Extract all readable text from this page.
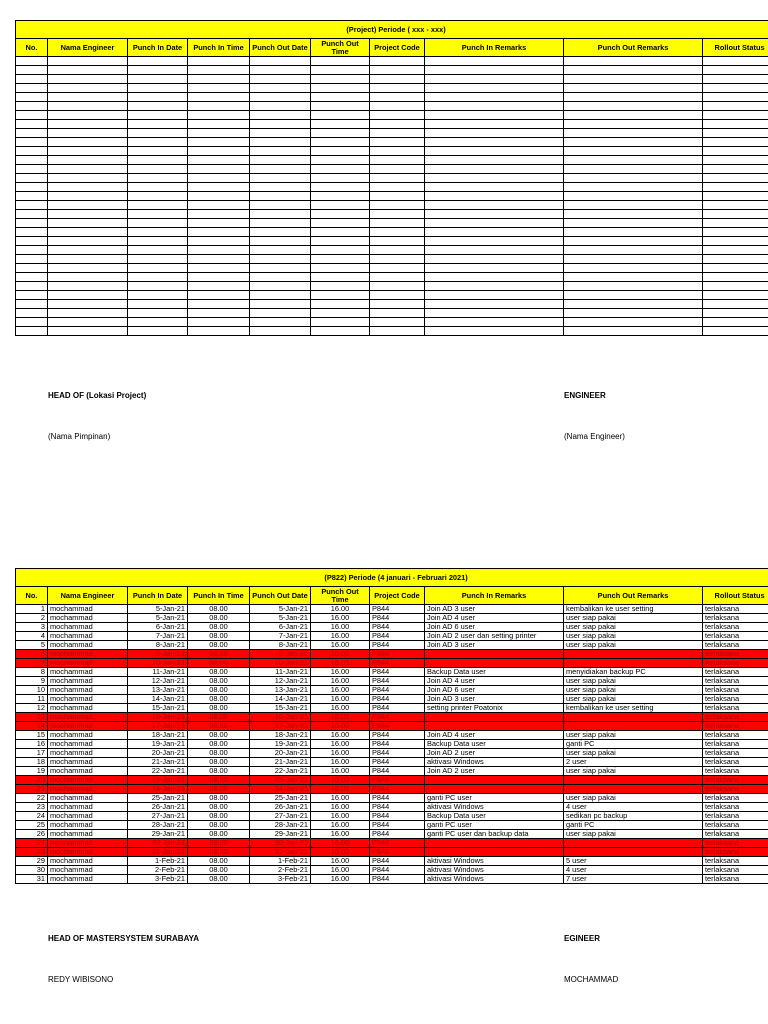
(Project) Periode ( xxx - xxx)									
No.	Nama Engineer	Punch In Date	Punch In Time	Punch Out Date	Punch Out Time	Project Code	Punch In Remarks	Punch Out Remarks	Rollout Status

HEAD OF (Lokasi Project)
(Nama Pimpinan)
ENGINEER
(Nama Engineer)
(P822) Periode (4 januari - Februari 2021)									
No.	Nama Engineer	Punch In Date	Punch In Time	Punch Out Date	Punch Out Time	Project Code	Punch In Remarks	Punch Out Remarks	Rollout Status
1	mochammad	5-Jan-21	08.00	5-Jan-21	16.00	P844	Join AD 3 user	kembalikan ke user setting	terlaksana
2	mochammad	5-Jan-21	08.00	5-Jan-21	16.00	P844	Join AD 4 user	user siap pakai	terlaksana
3	mochammad	6-Jan-21	08.00	6-Jan-21	16.00	P844	Join AD 6 user	user siap pakai	terlaksana
4	mochammad	7-Jan-21	08.00	7-Jan-21	16.00	P844	Join AD 2 user dan setting printer	user siap pakai	terlaksana
5	mochammad	8-Jan-21	08.00	8-Jan-21	16.00	P844	Join AD 3 user	user siap pakai	terlaksana
6	mochammad	9-Jan-21	08.00	9-Jan-21	16.00	P844			terlaksana
7	mochammad	10-Jan-21	08.00	10-Jan-21	16.00	P844			terlaksana
8	mochammad	11-Jan-21	08.00	11-Jan-21	16.00	P844	Backup Data user	menyidiakan backup PC	terlaksana
9	mochammad	12-Jan-21	08.00	12-Jan-21	16.00	P844	Join AD 4 user	user siap pakai	terlaksana
10	mochammad	13-Jan-21	08.00	13-Jan-21	16.00	P844	Join AD 6 user	user siap pakai	terlaksana
11	mochammad	14-Jan-21	08.00	14-Jan-21	16.00	P844	Join AD 3 user	user siap pakai	terlaksana
12	mochammad	15-Jan-21	08.00	15-Jan-21	16.00	P844	setting printer Poatonix	kembalikan ke user setting	terlaksana
13	mochammad	16-Jan-21	08.00	16-Jan-21	16.00	P844			terlaksana
14	mochammad	17-Jan-21	08.00	17-Jan-21	16.00	P844			terlaksana
15	mochammad	18-Jan-21	08.00	18-Jan-21	16.00	P844	Join AD 4 user	user siap pakai	terlaksana
16	mochammad	19-Jan-21	08.00	19-Jan-21	16.00	P844	Backup Data user	ganti PC	terlaksana
17	mochammad	20-Jan-21	08.00	20-Jan-21	16.00	P844	Join AD 2 user	user siap pakai	terlaksana
18	mochammad	21-Jan-21	08.00	21-Jan-21	16.00	P844	aktivasi Windows	2 user	terlaksana
19	mochammad	22-Jan-21	08.00	22-Jan-21	16.00	P844	Join AD 2 user	user siap pakai	terlaksana
20	mochammad	23-Jan-21	08.00	23-Jan-21	16.00	P844			terlaksana
21	mochammad	24-Jan-21	08.00	24-Jan-21	16.00	P844			terlaksana
22	mochammad	25-Jan-21	08.00	25-Jan-21	16.00	P844	ganti PC user	user siap pakai	terlaksana
23	mochammad	26-Jan-21	08.00	26-Jan-21	16.00	P844	aktivasi Windows	4 user	terlaksana
24	mochammad	27-Jan-21	08.00	27-Jan-21	16.00	P844	Backup Data user	sedikan pc backup	terlaksana
25	mochammad	28-Jan-21	08.00	28-Jan-21	16.00	P844	ganti PC user	ganti PC	terlaksana
26	mochammad	29-Jan-21	08.00	29-Jan-21	16.00	P844	ganti PC user dan backup data	user siap pakai	terlaksana
27	mochammad	30-Jan-21	08.00	30-Jan-21	16.00	P844			terlaksana
28	mochammad	31-Jan-21	08.00	31-Jan-21	16.00	P844			terlaksana
29	mochammad	1-Feb-21	08.00	1-Feb-21	16.00	P844	aktivasi Windows	5 user	terlaksana
30	mochammad	2-Feb-21	08.00	2-Feb-21	16.00	P844	aktivasi Windows	4 user	terlaksana
31	mochammad	3-Feb-21	08.00	3-Feb-21	16.00	P844	aktivasi Windows	7 user	terlaksana
HEAD OF MASTERSYSTEM SURABAYA
REDY WIBISONO
EGINEER
MOCHAMMAD
